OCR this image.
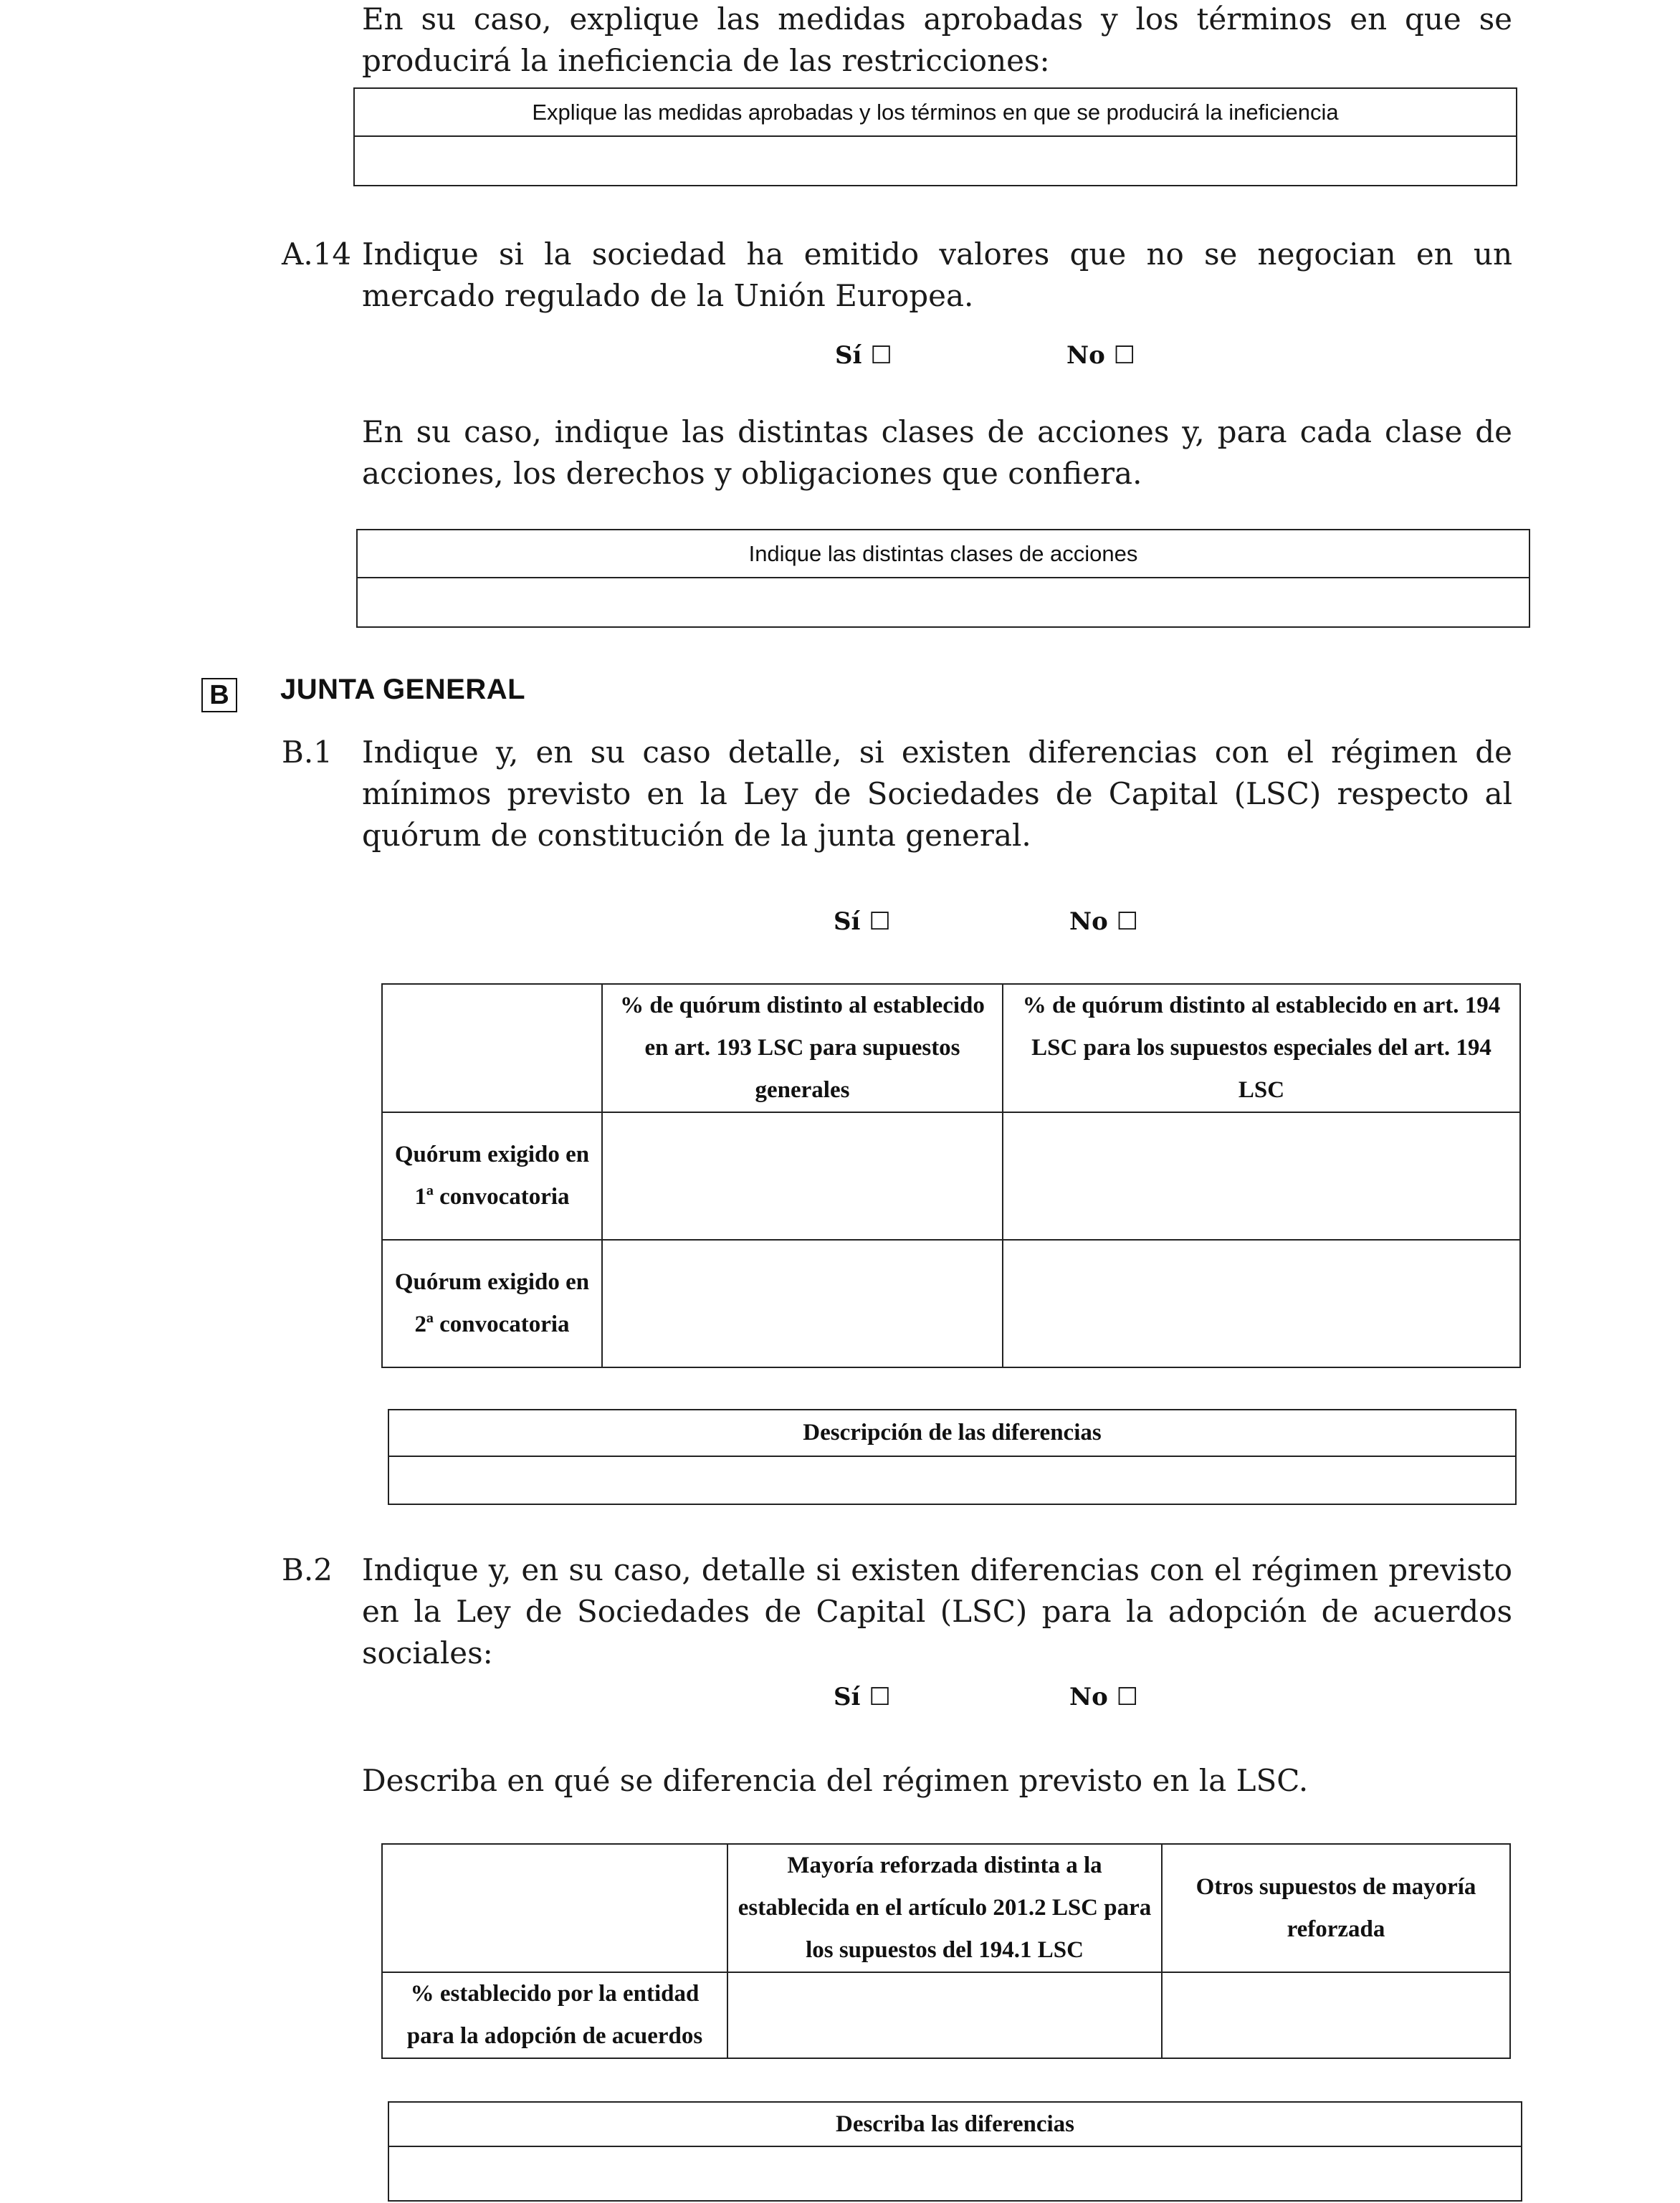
En su caso, explique las medidas aprobadas y los términos en que se producirá la ineficiencia de las restricciones:
Explique las medidas aprobadas y los términos en que se producirá la ineficiencia
A.14 Indique si la sociedad ha emitido valores que no se negocian en un mercado regulado de la Unión Europea.
Sí ☐	No ☐
En su caso, indique las distintas clases de acciones y, para cada clase de acciones, los derechos y obligaciones que confiera.
Indique las distintas clases de acciones
B JUNTA GENERAL
B.1 Indique y, en su caso detalle, si existen diferencias con el régimen de mínimos previsto en la Ley de Sociedades de Capital (LSC) respecto al quórum de constitución de la junta general.
Sí ☐	No ☐
	% de quórum distinto al establecido en art. 193 LSC para supuestos generales	% de quórum distinto al establecido en art. 194 LSC para los supuestos especiales del art. 194 LSC
Quórum exigido en 1ª convocatoria		
Quórum exigido en 2ª convocatoria		
Descripción de las diferencias
B.2 Indique y, en su caso, detalle si existen diferencias con el régimen previsto en la Ley de Sociedades de Capital (LSC) para la adopción de acuerdos sociales:
Sí ☐	No ☐
Describa en qué se diferencia del régimen previsto en la LSC.
	Mayoría reforzada distinta a la establecida en el artículo 201.2 LSC para los supuestos del 194.1 LSC	Otros supuestos de mayoría reforzada
% establecido por la entidad para la adopción de acuerdos		
Describa las diferencias
